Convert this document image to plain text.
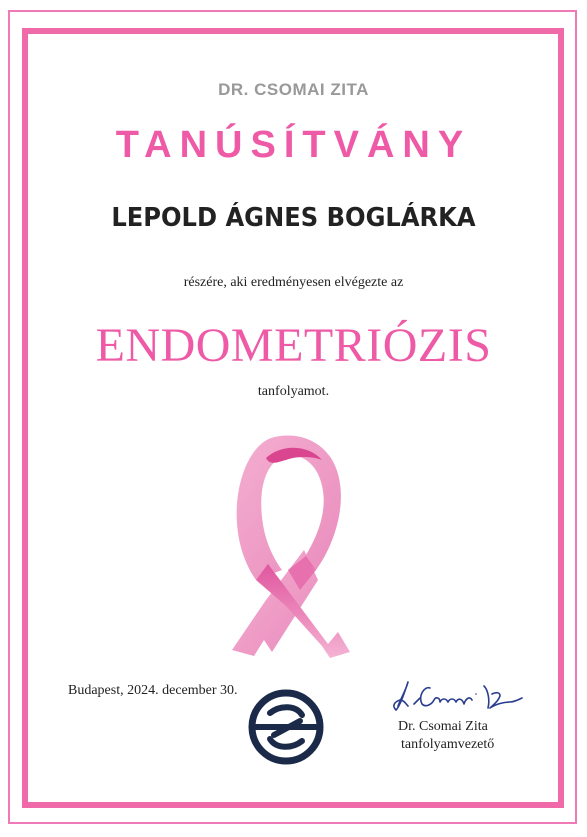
DR. CSOMAI ZITA
TANÚSÍTVÁNY
LEPOLD ÁGNES BOGLÁRKA
részére, aki eredményesen elvégezte az
ENDOMETRIÓZIS
tanfolyamot.
Budapest, 2024. december 30.
Dr. Csomai Zita
tanfolyamvezető
